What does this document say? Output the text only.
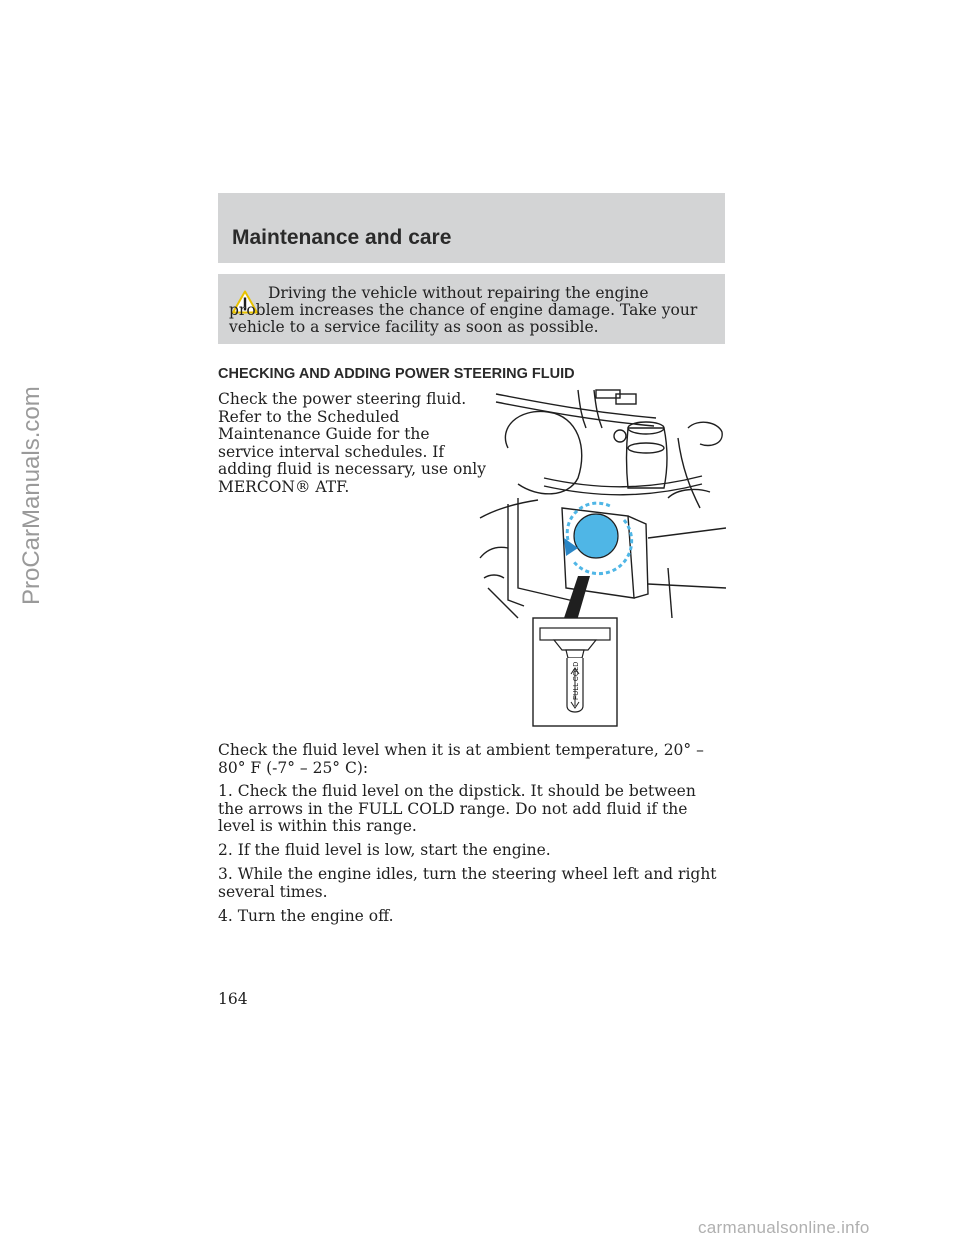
Maintenance and care
Driving the vehicle without repairing the engine problem increases the chance of engine damage. Take your vehicle to a service facility as soon as possible.
CHECKING AND ADDING POWER STEERING FLUID
Check the power steering fluid. Refer to the Scheduled Maintenance Guide for the service interval schedules. If adding fluid is necessary, use only MERCON® ATF.
FULL COLD
Check the fluid level when it is at ambient temperature, 20° – 80° F (-7° – 25° C):
1. Check the fluid level on the dipstick. It should be between the arrows in the FULL COLD range. Do not add fluid if the level is within this range.
2. If the fluid level is low, start the engine.
3. While the engine idles, turn the steering wheel left and right several times.
4. Turn the engine off.
164
ProCarManuals.com
carmanualsonline.info
